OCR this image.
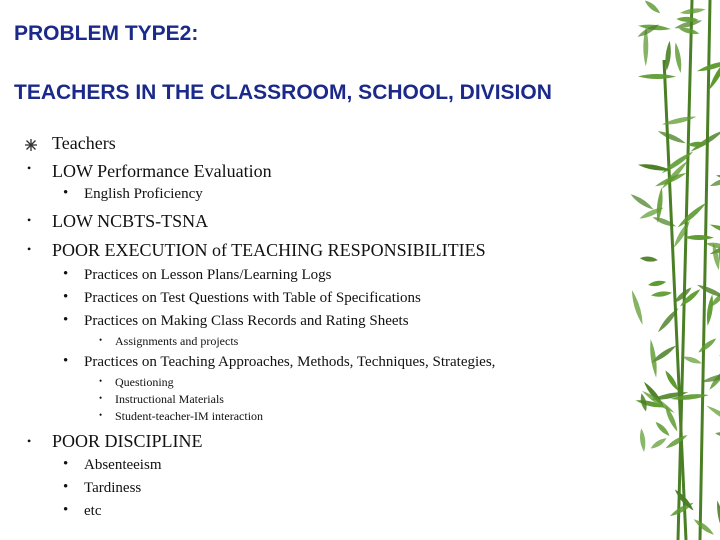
PROBLEM TYPE2:
TEACHERS IN THE CLASSROOM, SCHOOL, DIVISION
Teachers
• LOW Performance Evaluation
• English Proficiency
• LOW NCBTS-TSNA
• POOR EXECUTION of TEACHING RESPONSIBILITIES
• Practices on Lesson Plans/Learning Logs
• Practices on Test Questions with Table of Specifications
• Practices on Making Class Records and Rating Sheets
• Assignments and projects
• Practices on Teaching Approaches, Methods, Techniques, Strategies,
• Questioning
• Instructional Materials
• Student-teacher-IM interaction
• POOR DISCIPLINE
• Absenteeism
• Tardiness
• etc
